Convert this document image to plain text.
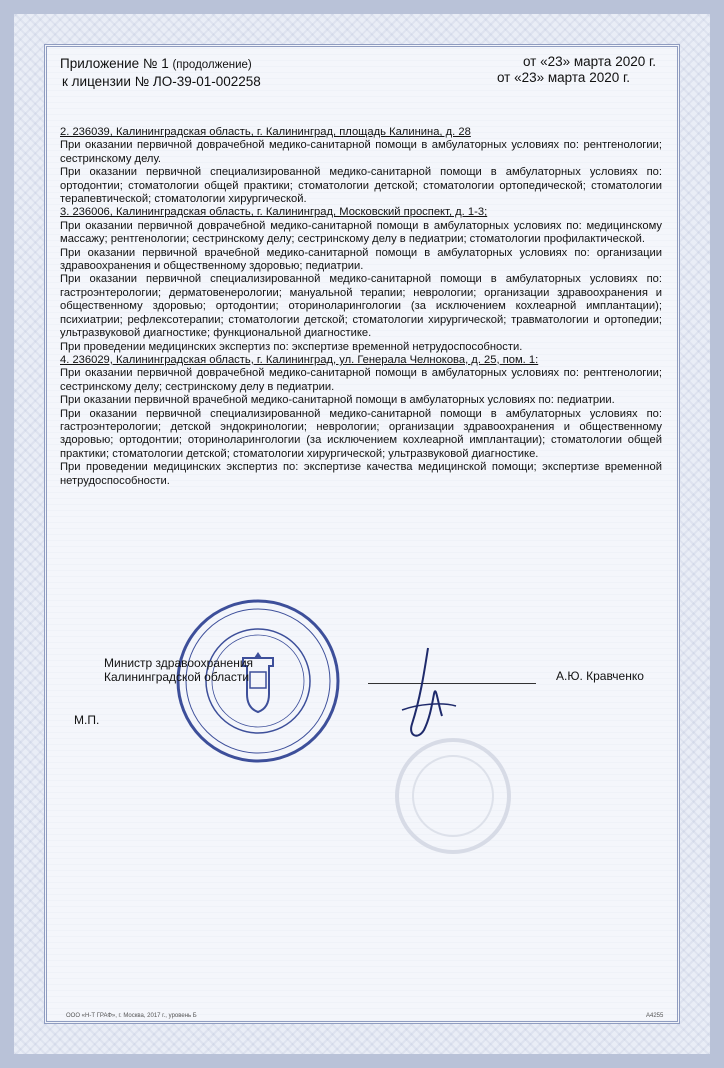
Приложение № 1 (продолжение)	от «23» марта 2020 г.
к лицензии № ЛО-39-01-002258	от «23» марта 2020 г.
2. 236039, Калининградская область, г. Калининград, площадь Калинина, д. 28

При оказании первичной доврачебной медико-санитарной помощи в амбулаторных условиях по: рентгенологии; сестринскому делу.

При оказании первичной специализированной медико-санитарной помощи в амбулаторных условиях по: ортодонтии; стоматологии общей практики; стоматологии детской; стоматологии ортопедической; стоматологии терапевтической; стоматологии хирургической.

3. 236006, Калининградская область, г. Калининград, Московский проспект, д. 1-3;

При оказании первичной доврачебной медико-санитарной помощи в амбулаторных условиях по: медицинскому массажу; рентгенологии; сестринскому делу; сестринскому делу в педиатрии; стоматологии профилактической.

При оказании первичной врачебной медико-санитарной помощи в амбулаторных условиях по: организации здравоохранения и общественному здоровью; педиатрии.

При оказании первичной специализированной медико-санитарной помощи в амбулаторных условиях по: гастроэнтерологии; дерматовенерологии; мануальной терапии; неврологии; организации здравоохранения и общественному здоровью; ортодонтии; оториноларингологии (за исключением кохлеарной имплантации); психиатрии; рефлексотерапии; стоматологии детской; стоматологии хирургической; травматологии и ортопедии; ультразвуковой диагностике; функциональной диагностике.

При проведении медицинских экспертиз по: экспертизе временной нетрудоспособности.

4. 236029, Калининградская область, г. Калининград, ул. Генерала Челнокова, д. 25, пом. 1:

При оказании первичной доврачебной медико-санитарной помощи в амбулаторных условиях по: рентгенологии; сестринскому делу; сестринскому делу в педиатрии.

При оказании первичной врачебной медико-санитарной помощи в амбулаторных условиях по: педиатрии.

При оказании первичной специализированной медико-санитарной помощи в амбулаторных условиях по: гастроэнтерологии; детской эндокринологии; неврологии; организации здравоохранения и общественному здоровью; ортодонтии; оториноларингологии (за исключением кохлеарной имплантации); стоматологии общей практики; стоматологии детской; стоматологии хирургической; ультразвуковой диагностике.

При проведении медицинских экспертиз по: экспертизе качества медицинской помощи; экспертизе временной нетрудоспособности.

Министр здравоохранения
Калининградской области	А.Ю. Кравченко
М.П.
ООО «Н-Т ГРАФ», г. Москва, 2017 г., уровень Б	A4255
